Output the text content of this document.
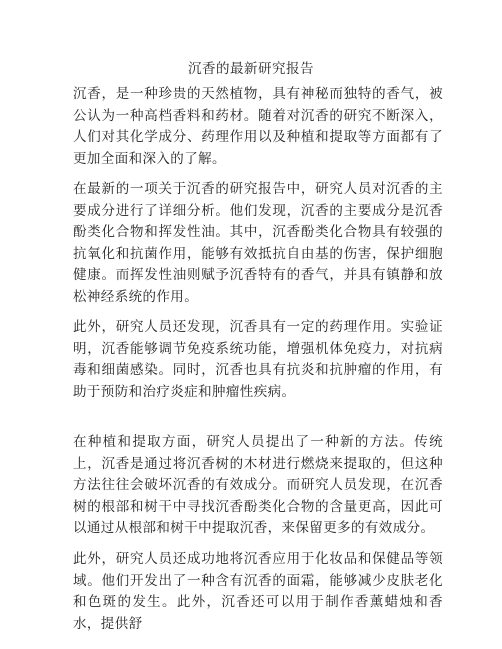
沉香的最新研究报告

沉香，是一种珍贵的天然植物，具有神秘而独特的香气，被公认为一种高档香料和药材。随着对沉香的研究不断深入，人们对其化学成分、药理作用以及种植和提取等方面都有了更加全面和深入的了解。

在最新的一项关于沉香的研究报告中，研究人员对沉香的主要成分进行了详细分析。他们发现，沉香的主要成分是沉香酚类化合物和挥发性油。其中，沉香酚类化合物具有较强的抗氧化和抗菌作用，能够有效抵抗自由基的伤害，保护细胞健康。而挥发性油则赋予沉香特有的香气，并具有镇静和放松神经系统的作用。

此外，研究人员还发现，沉香具有一定的药理作用。实验证明，沉香能够调节免疫系统功能，增强机体免疫力，对抗病毒和细菌感染。同时，沉香也具有抗炎和抗肿瘤的作用，有助于预防和治疗炎症和肿瘤性疾病。

在种植和提取方面，研究人员提出了一种新的方法。传统上，沉香是通过将沉香树的木材进行燃烧来提取的，但这种方法往往会破坏沉香的有效成分。而研究人员发现，在沉香树的根部和树干中寻找沉香酚类化合物的含量更高，因此可以通过从根部和树干中提取沉香，来保留更多的有效成分。

此外，研究人员还成功地将沉香应用于化妆品和保健品等领域。他们开发出了一种含有沉香的面霜，能够减少皮肤老化和色斑的发生。此外，沉香还可以用于制作香薰蜡烛和香水，提供舒
